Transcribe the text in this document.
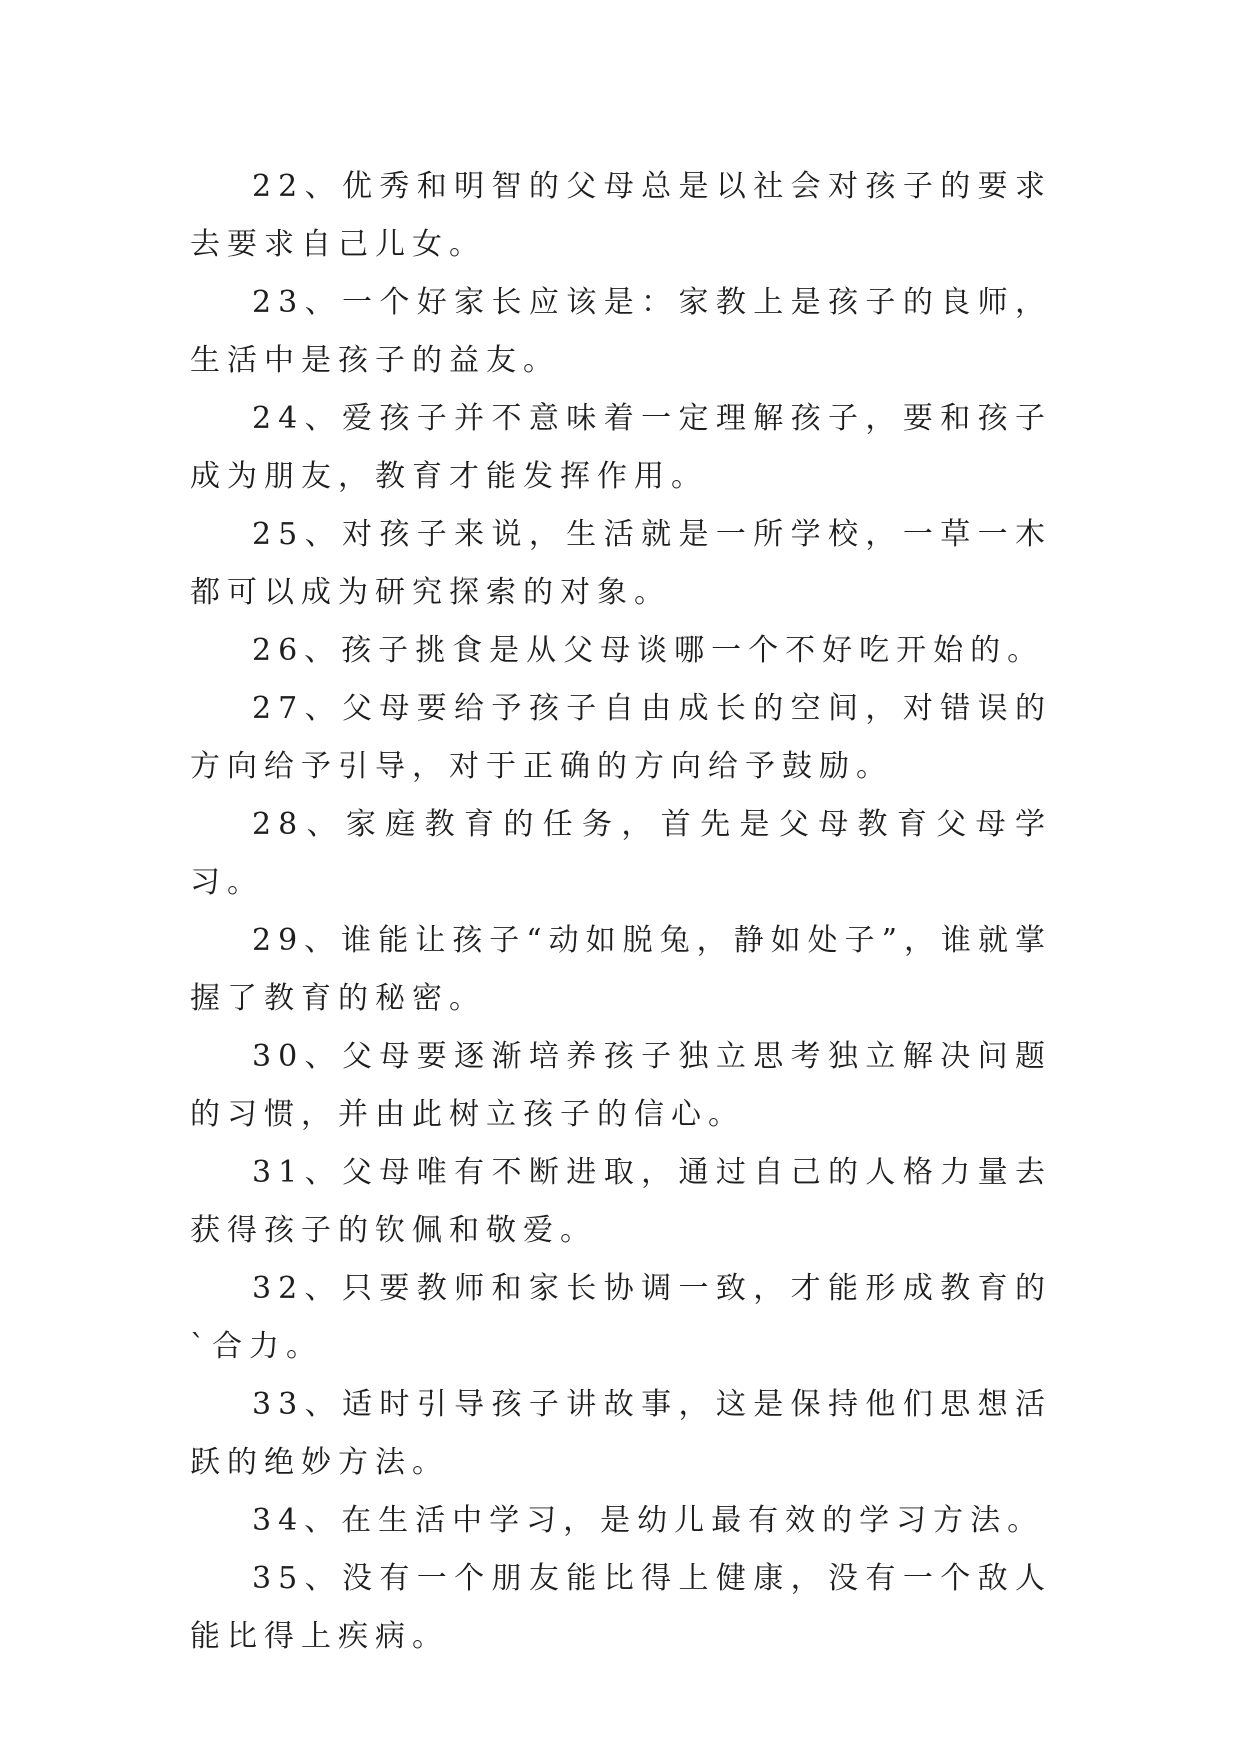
22、优秀和明智的父母总是以社会对孩子的要求去要求自己儿女。

23、一个好家长应该是：家教上是孩子的良师，生活中是孩子的益友。

24、爱孩子并不意味着一定理解孩子，要和孩子成为朋友，教育才能发挥作用。

25、对孩子来说，生活就是一所学校，一草一木都可以成为研究探索的对象。

26、孩子挑食是从父母谈哪一个不好吃开始的。

27、父母要给予孩子自由成长的空间，对错误的方向给予引导，对于正确的方向给予鼓励。

28、家庭教育的任务，首先是父母教育父母学习。

29、谁能让孩子“动如脱兔，静如处子”，谁就掌握了教育的秘密。

30、父母要逐渐培养孩子独立思考独立解决问题的习惯，并由此树立孩子的信心。

31、父母唯有不断进取，通过自己的人格力量去获得孩子的钦佩和敬爱。

32、只要教师和家长协调一致，才能形成教育的`合力。

33、适时引导孩子讲故事，这是保持他们思想活跃的绝妙方法。

34、在生活中学习，是幼儿最有效的学习方法。

35、没有一个朋友能比得上健康，没有一个敌人能比得上疾病。
